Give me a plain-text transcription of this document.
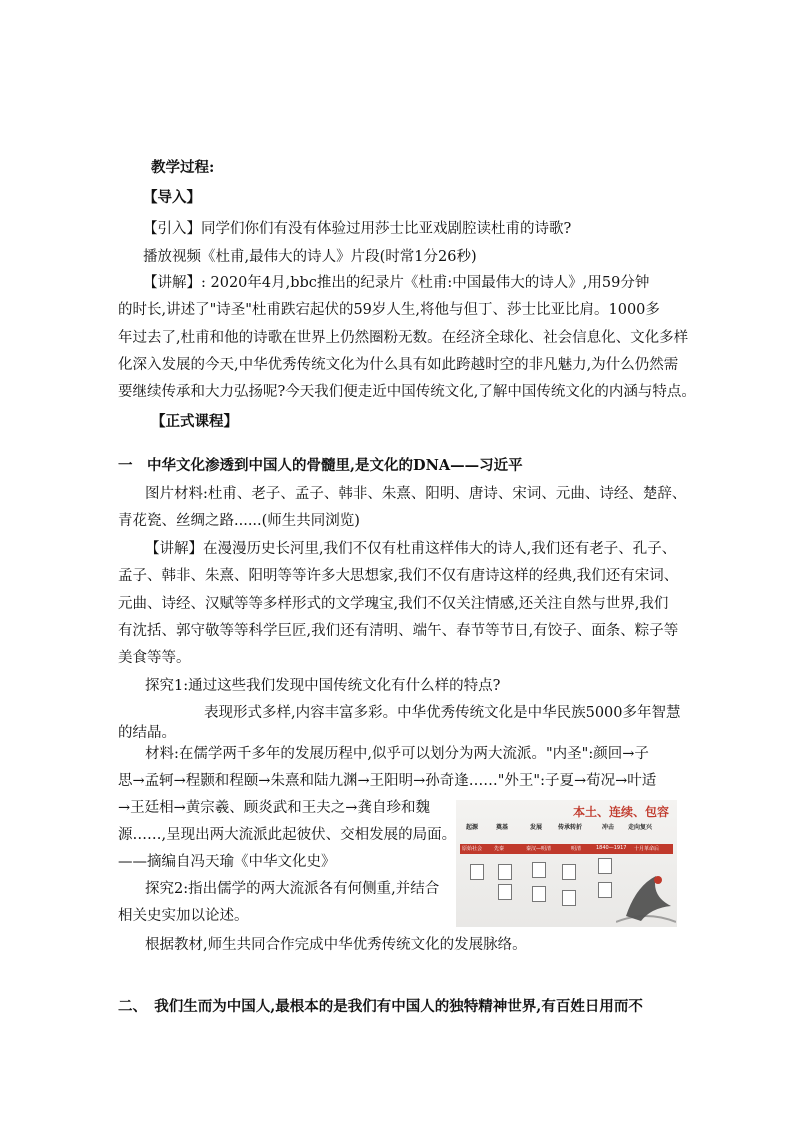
教学过程:
【导入】
【引入】同学们你们有没有体验过用莎士比亚戏剧腔读杜甫的诗歌?
播放视频《杜甫,最伟大的诗人》片段(时常1分26秒)
【讲解】: 2020年4月,bbc推出的纪录片《杜甫:中国最伟大的诗人》,用59分钟
的时长,讲述了"诗圣"杜甫跌宕起伏的59岁人生,将他与但丁、莎士比亚比肩。1000多
年过去了,杜甫和他的诗歌在世界上仍然圈粉无数。在经济全球化、社会信息化、文化多样
化深入发展的今天,中华优秀传统文化为什么具有如此跨越时空的非凡魅力,为什么仍然需
要继续传承和大力弘扬呢?今天我们便走近中国传统文化,了解中国传统文化的内涵与特点。
【正式课程】
一　中华文化渗透到中国人的骨髓里,是文化的DNA——习近平
图片材料:杜甫、老子、孟子、韩非、朱熹、阳明、唐诗、宋词、元曲、诗经、楚辞、
青花瓷、丝绸之路......(师生共同浏览)
【讲解】在漫漫历史长河里,我们不仅有杜甫这样伟大的诗人,我们还有老子、孔子、
孟子、韩非、朱熹、阳明等等许多大思想家,我们不仅有唐诗这样的经典,我们还有宋词、
元曲、诗经、汉赋等等多样形式的文学瑰宝,我们不仅关注情感,还关注自然与世界,我们
有沈括、郭守敬等等科学巨匠,我们还有清明、端午、春节等节日,有饺子、面条、粽子等
美食等等。
探究1:通过这些我们发现中国传统文化有什么样的特点?
表现形式多样,内容丰富多彩。中华优秀传统文化是中华民族5000多年智慧
的结晶。
材料:在儒学两千多年的发展历程中,似乎可以划分为两大流派。"内圣":颜回→子
思→孟轲→程颢和程颐→朱熹和陆九渊→王阳明→孙奇逢……"外王":子夏→荀况→叶适
→王廷相→黄宗羲、顾炎武和王夫之→龚自珍和魏
源……,呈现出两大流派此起彼伏、交相发展的局面。
——摘编自冯天瑜《中华文化史》
探究2:指出儒学的两大流派各有何侧重,并结合
相关史实加以论述。
根据教材,师生共同合作完成中华优秀传统文化的发展脉络。
二、　我们生而为中国人,最根本的是我们有中国人的独特精神世界,有百姓日用而不
本土、连续、包容
起源	奠基	发展	传承转折	冲击 走向复兴
原始社会 先秦	秦汉—明清	明清	1840—1917 十月革命后
